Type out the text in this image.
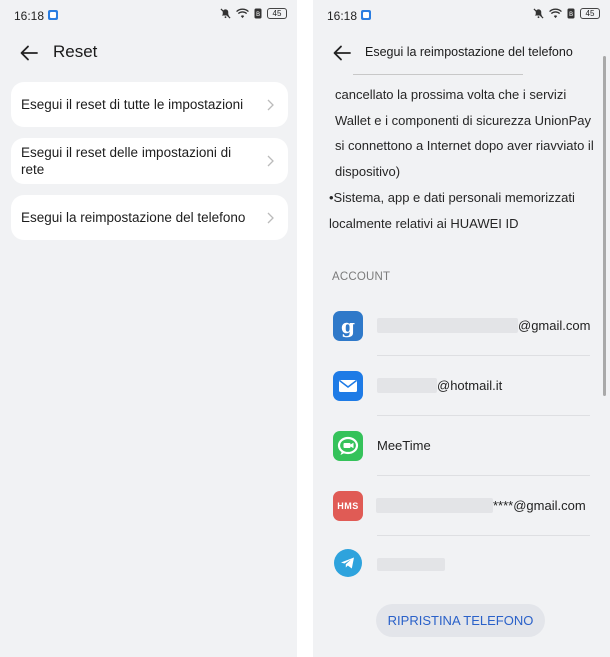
16:18	B	45
Reset
Esegui il reset di tutte le impostazioni
Esegui il reset delle impostazioni di rete
Esegui la reimpostazione del telefono
16:18	B	45
Esegui la reimpostazione del telefono

cancellato la prossima volta che i servizi Wallet e i componenti di sicurezza UnionPay si connettono a Internet dopo aver riavviato il dispositivo)

•Sistema, app e dati personali memorizzati localmente relativi ai HUAWEI ID

ACCOUNT
g	@gmail.com
@hotmail.it
MeeTime
HMS	****@gmail.com
RIPRISTINA TELEFONO
